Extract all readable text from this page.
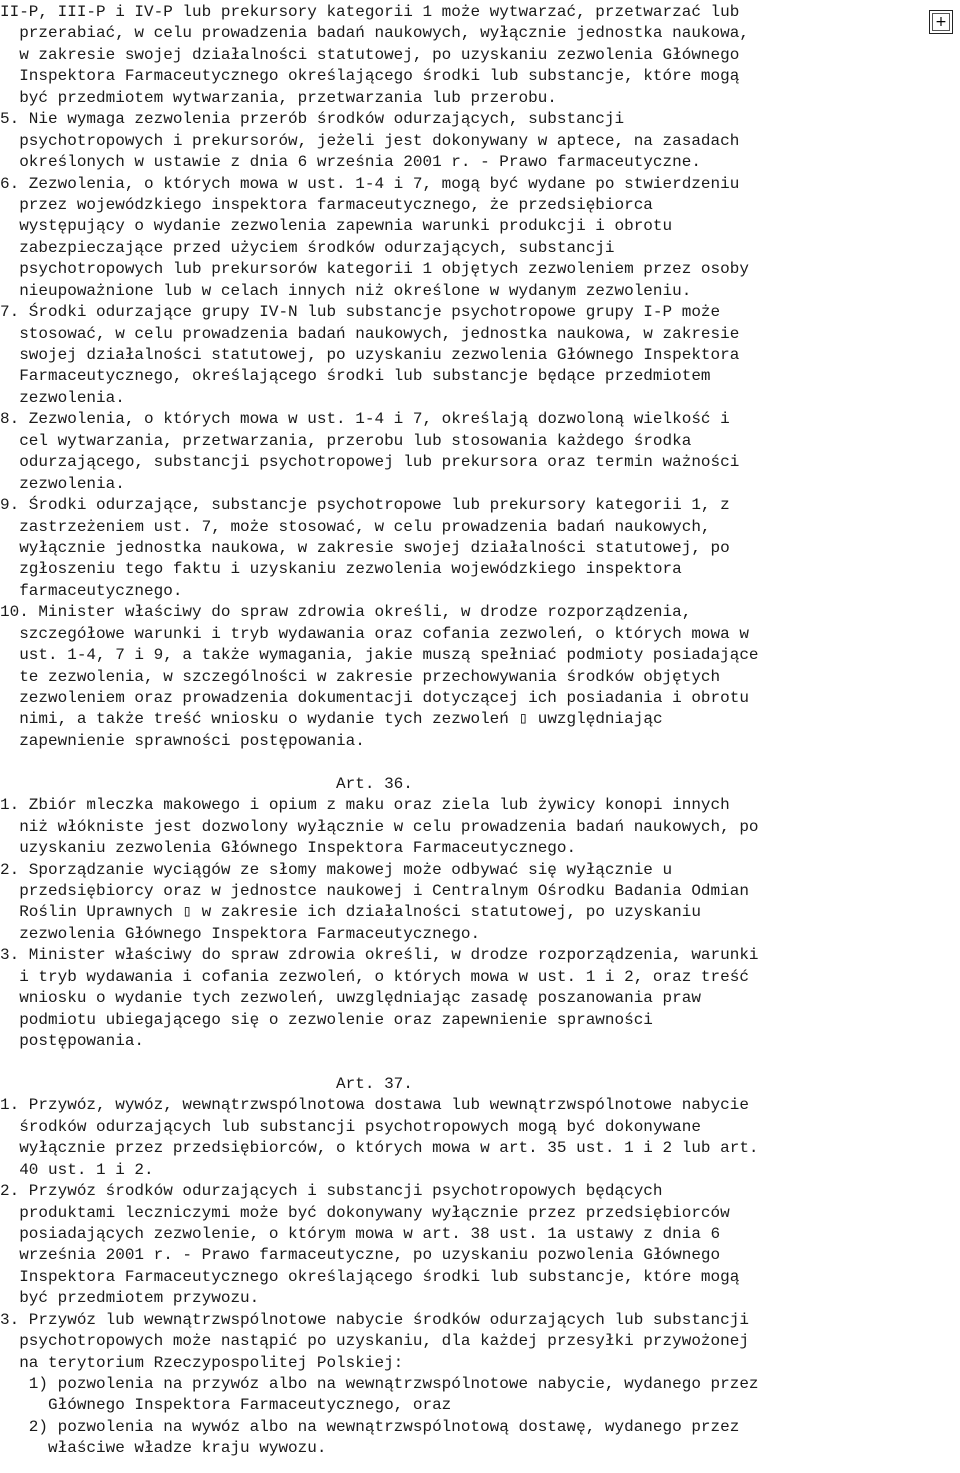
II-P, III-P i IV-P lub prekursory kategorii 1 może wytwarzać, przetwarzać lub
przerabiać, w celu prowadzenia badań naukowych, wyłącznie jednostka naukowa,
w zakresie swojej działalności statutowej, po uzyskaniu zezwolenia Głównego
Inspektora Farmaceutycznego określającego środki lub substancje, które mogą
być przedmiotem wytwarzania, przetwarzania lub przerobu.
5. Nie wymaga zezwolenia przerób środków odurzających, substancji
psychotropowych i prekursorów, jeżeli jest dokonywany w aptece, na zasadach
określonych w ustawie z dnia 6 września 2001 r. - Prawo farmaceutyczne.
6. Zezwolenia, o których mowa w ust. 1-4 i 7, mogą być wydane po stwierdzeniu
przez wojewódzkiego inspektora farmaceutycznego, że przedsiębiorca
występujący o wydanie zezwolenia zapewnia warunki produkcji i obrotu
zabezpieczające przed użyciem środków odurzających, substancji
psychotropowych lub prekursorów kategorii 1 objętych zezwoleniem przez osoby
nieupoważnione lub w celach innych niż określone w wydanym zezwoleniu.
7. Środki odurzające grupy IV-N lub substancje psychotropowe grupy I-P może
stosować, w celu prowadzenia badań naukowych, jednostka naukowa, w zakresie
swojej działalności statutowej, po uzyskaniu zezwolenia Głównego Inspektora
Farmaceutycznego, określającego środki lub substancje będące przedmiotem
zezwolenia.
8. Zezwolenia, o których mowa w ust. 1-4 i 7, określają dozwoloną wielkość i
cel wytwarzania, przetwarzania, przerobu lub stosowania każdego środka
odurzającego, substancji psychotropowej lub prekursora oraz termin ważności
zezwolenia.
9. Środki odurzające, substancje psychotropowe lub prekursory kategorii 1, z
zastrzeżeniem ust. 7, może stosować, w celu prowadzenia badań naukowych,
wyłącznie jednostka naukowa, w zakresie swojej działalności statutowej, po
zgłoszeniu tego faktu i uzyskaniu zezwolenia wojewódzkiego inspektora
farmaceutycznego.
10. Minister właściwy do spraw zdrowia określi, w drodze rozporządzenia,
szczegółowe warunki i tryb wydawania oraz cofania zezwoleń, o których mowa w
ust. 1-4, 7 i 9, a także wymagania, jakie muszą spełniać podmioty posiadające
te zezwolenia, w szczególności w zakresie przechowywania środków objętych
zezwoleniem oraz prowadzenia dokumentacji dotyczącej ich posiadania i obrotu
nimi, a także treść wniosku o wydanie tych zezwoleń ▯ uwzględniając
zapewnienie sprawności postępowania.
Art. 36.
1. Zbiór mleczka makowego i opium z maku oraz ziela lub żywicy konopi innych
niż włókniste jest dozwolony wyłącznie w celu prowadzenia badań naukowych, po
uzyskaniu zezwolenia Głównego Inspektora Farmaceutycznego.
2. Sporządzanie wyciągów ze słomy makowej może odbywać się wyłącznie u
przedsiębiorcy oraz w jednostce naukowej i Centralnym Ośrodku Badania Odmian
Roślin Uprawnych ▯ w zakresie ich działalności statutowej, po uzyskaniu
zezwolenia Głównego Inspektora Farmaceutycznego.
3. Minister właściwy do spraw zdrowia określi, w drodze rozporządzenia, warunki
i tryb wydawania i cofania zezwoleń, o których mowa w ust. 1 i 2, oraz treść
wniosku o wydanie tych zezwoleń, uwzględniając zasadę poszanowania praw
podmiotu ubiegającego się o zezwolenie oraz zapewnienie sprawności
postępowania.
Art. 37.
1. Przywóz, wywóz, wewnątrzwspólnotowa dostawa lub wewnątrzwspólnotowe nabycie
środków odurzających lub substancji psychotropowych mogą być dokonywane
wyłącznie przez przedsiębiorców, o których mowa w art. 35 ust. 1 i 2 lub art.
40 ust. 1 i 2.
2. Przywóz środków odurzających i substancji psychotropowych będących
produktami leczniczymi może być dokonywany wyłącznie przez przedsiębiorców
posiadających zezwolenie, o którym mowa w art. 38 ust. 1a ustawy z dnia 6
września 2001 r. - Prawo farmaceutyczne, po uzyskaniu pozwolenia Głównego
Inspektora Farmaceutycznego określającego środki lub substancje, które mogą
być przedmiotem przywozu.
3. Przywóz lub wewnątrzwspólnotowe nabycie środków odurzających lub substancji
psychotropowych może nastąpić po uzyskaniu, dla każdej przesyłki przywożonej
na terytorium Rzeczypospolitej Polskiej:
1) pozwolenia na przywóz albo na wewnątrzwspólnotowe nabycie, wydanego przez
Głównego Inspektora Farmaceutycznego, oraz
2) pozwolenia na wywóz albo na wewnątrzwspólnotową dostawę, wydanego przez
właściwe władze kraju wywozu.
+
